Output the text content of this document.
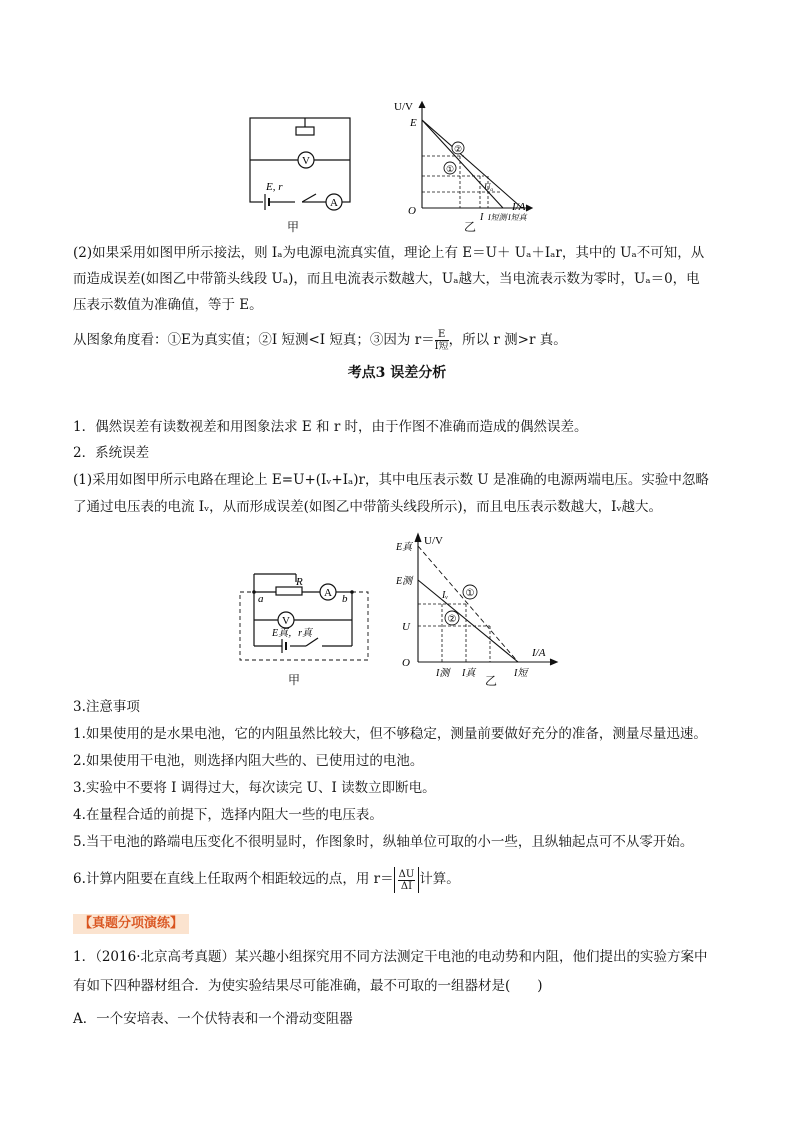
V
A
E, r
甲
②
①
U/V
I/A
O
E
Uₐ
I I短测 I短真
乙
(2)如果采用如图甲所示接法，则 Iₐ为电源电流真实值，理论上有 E＝U＋ Uₐ＋Iₐr，其中的 Uₐ不可知，从
而造成误差(如图乙中带箭头线段 Uₐ)，而且电流表示数越大，Uₐ越大，当电流表示数为零时，Uₐ＝0，电
压表示数值为准确值，等于 E。
从图象角度看：①E为真实值；②I 短测<I 短真；③因为 $r= \frac{E}{\text{I短}}$ ，所以 r 测>r 真。
考点3 误差分析
1．偶然误差有读数视差和用图象法求 E 和 r 时，由于作图不准确而造成的偶然误差。
2．系统误差
(1)采用如图甲所示电路在理论上 E=U+(Iᵥ+Iₐ)r，其中电压表示数 U 是准确的电源两端电压。实验中忽略
了通过电压表的电流 Iᵥ，从而形成误差(如图乙中带箭头线段所示)，而且电压表示数越大，Iᵥ越大。
R
A
V
a	b
E真，r真
甲
①
②
U/V
I/A
O
E真
E测
U
Iᵥ
I测 I真	I短
乙
3.注意事项
1.如果使用的是水果电池，它的内阻虽然比较大，但不够稳定，测量前要做好充分的准备，测量尽量迅速。
2.如果使用干电池，则选择内阻大些的、已使用过的电池。
3.实验中不要将 I 调得过大，每次读完 U、I 读数立即断电。
4.在量程合适的前提下，选择内阻大一些的电压表。
5.当干电池的路端电压变化不很明显时，作图象时，纵轴单位可取的小一些，且纵轴起点可不从零开始。
6.计算内阻要在直线上任取两个相距较远的点，用 $r= \frac{\Delta U}{\Delta I}$ 计算。
【真题分项演练】
1．（2016·北京高考真题）某兴趣小组探究用不同方法测定干电池的电动势和内阻，他们提出的实验方案中
有如下四种器材组合．为使实验结果尽可能准确，最不可取的一组器材是(　　)
A．一个安培表、一个伏特表和一个滑动变阻器
